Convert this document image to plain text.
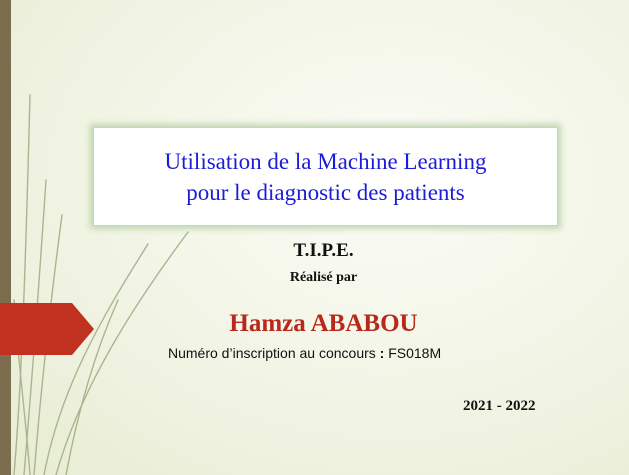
Utilisation de la Machine Learning
pour le diagnostic des patients
T.I.P.E.
Réalisé par
Hamza ABABOU
Numéro d’inscription au concours : FS018M
2021 - 2022
